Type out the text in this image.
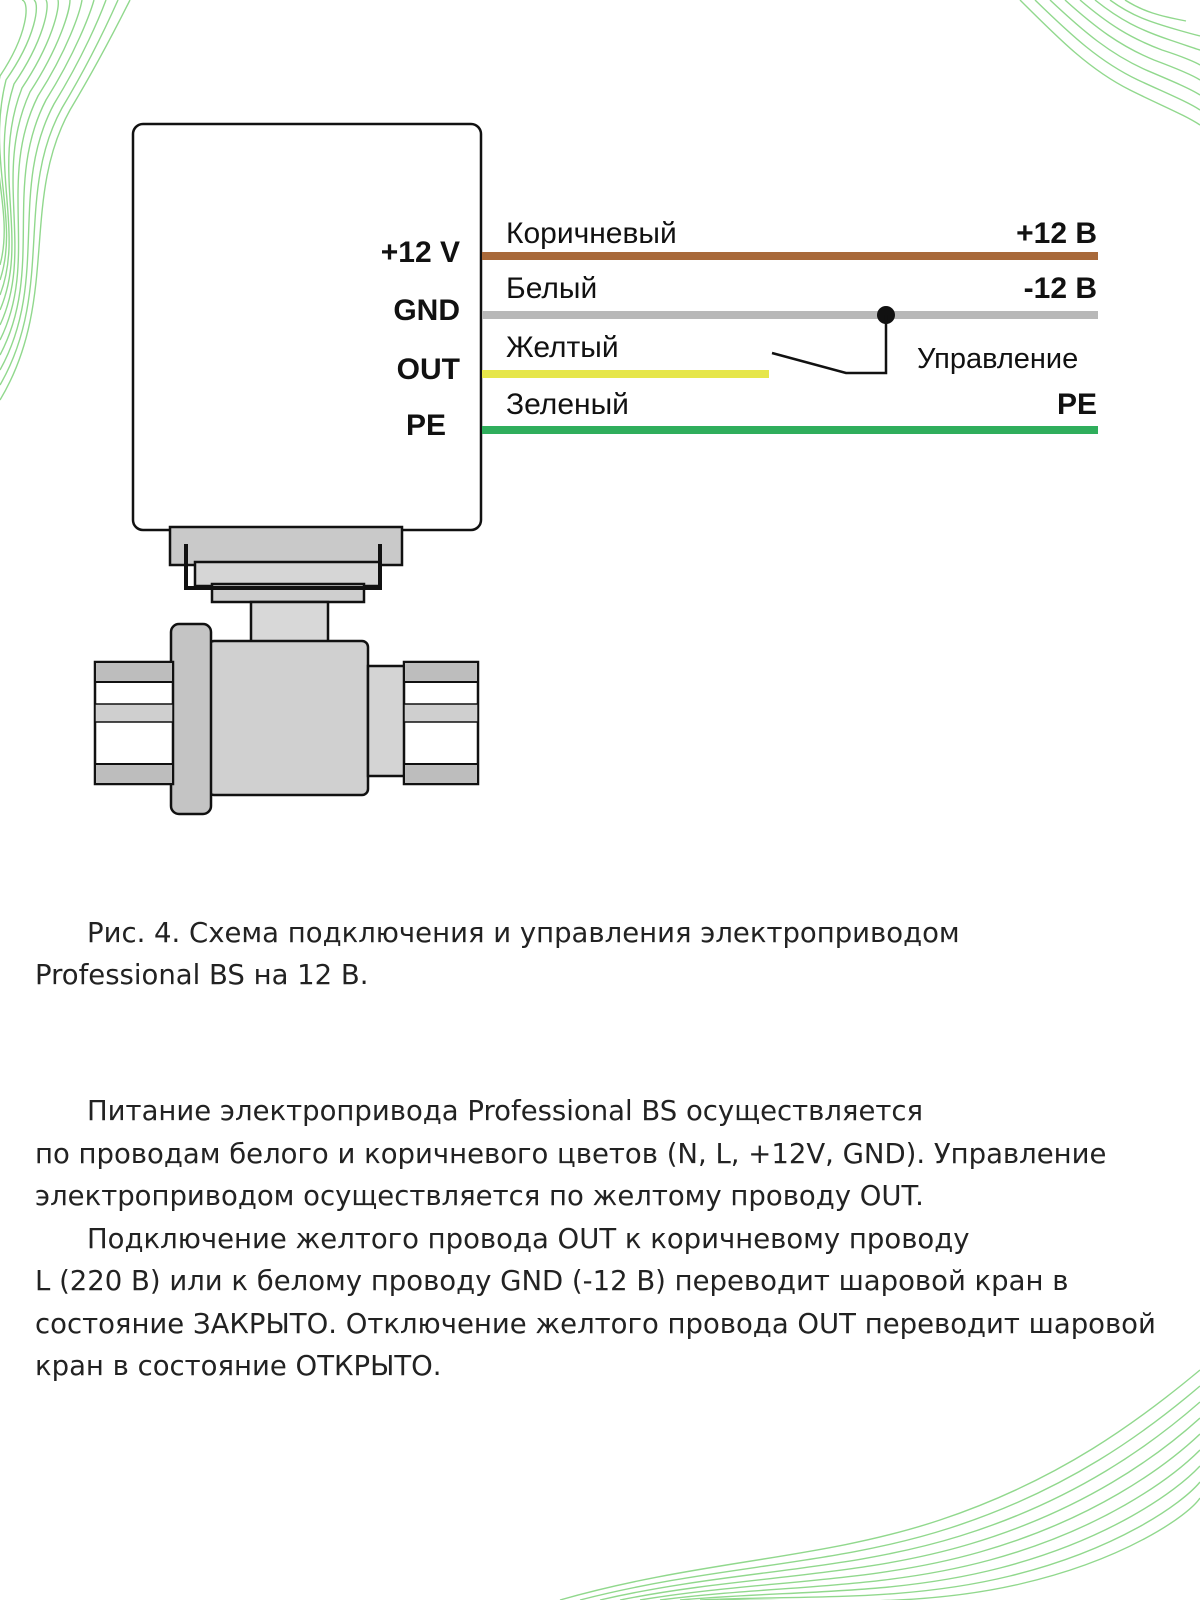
+12 V
GND
OUT
PE
Коричневый
Белый
Желтый
Зеленый
+12 В
-12 В
PE
Управление
Рис. 4. Схема подключения и управления электроприводом
Professional BS на 12 В.

Питание электропривода Professional BS осуществляется
по проводам белого и коричневого цветов (N, L, +12V, GND). Управление электроприводом осуществляется по желтому проводу OUT.

Подключение желтого провода OUT к коричневому проводу
L (220 В) или к белому проводу GND (-12 В) переводит шаровой кран в состояние ЗАКРЫТО. Отключение желтого провода OUT переводит шаровой кран в состояние ОТКРЫТО.
